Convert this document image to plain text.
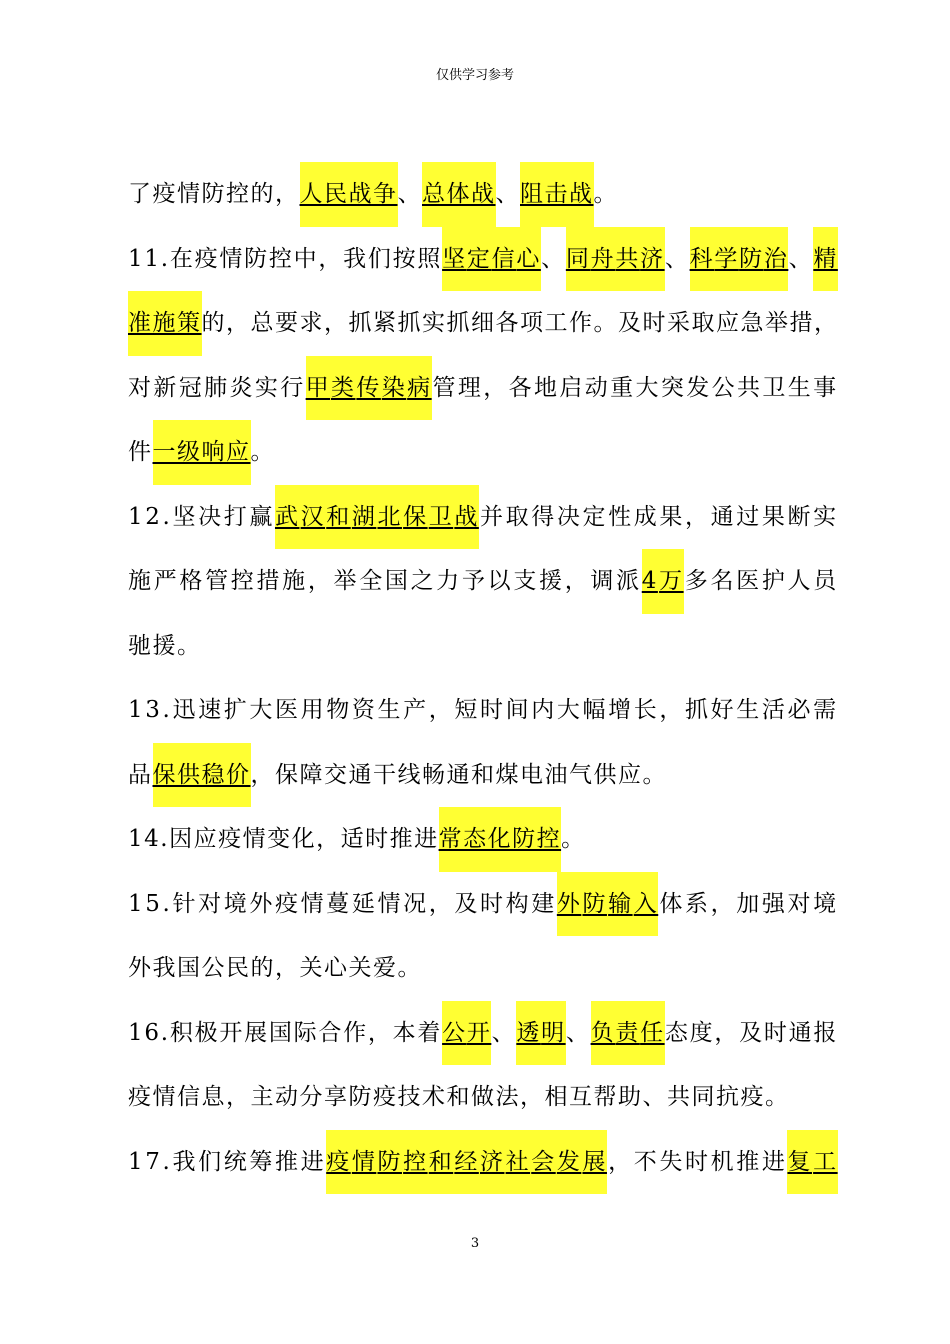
仅供学习参考
了疫情防控的， 人民战争 、 总体战 、 阻击战 。
1 1 . 在 疫 情 防 控 中 ， 我 们 按 照 坚 定 信 心 、 同 舟 共 济 、 科 学 防 治 、 精
准 施 策 的 ， 总 要 求 ， 抓 紧 抓 实 抓 细 各 项 工 作 。 及 时 采 取 应 急 举 措 ，
对 新 冠 肺 炎 实 行 甲 类 传 染 病 管 理 ， 各 地 启 动 重 大 突 发 公 共 卫 生 事
件 一级响应 。
1 2 . 坚 决 打 赢 武 汉 和 湖 北 保 卫 战 并 取 得 决 定 性 成 果 ， 通 过 果 断 实
施 严 格 管 控 措 施 ， 举 全 国 之 力 予 以 支 援 ， 调 派 4 万 多 名 医 护 人 员
驰援。
1 3 . 迅 速 扩 大 医 用 物 资 生 产 ， 短 时 间 内 大 幅 增 长 ， 抓 好 生 活 必 需
品 保供稳价 ，保障交通干线畅通和煤电油气供应。
14.因应疫情变化，适时推进 常态化防控 。
1 5 . 针 对 境 外 疫 情 蔓 延 情 况 ， 及 时 构 建 外 防 输 入 体 系 ， 加 强 对 境
外我国公民的，关心关爱。
1 6 . 积 极 开 展 国 际 合 作 ， 本 着 公 开 、 透 明 、 负 责 任 态 度 ， 及 时 通 报
疫情信息，主动分享防疫技术和做法，相互帮助、共同抗疫。
1 7 . 我 们 统 筹 推 进 疫 情 防 控 和 经 济 社 会 发 展 ， 不 失 时 机 推 进 复 工
3
